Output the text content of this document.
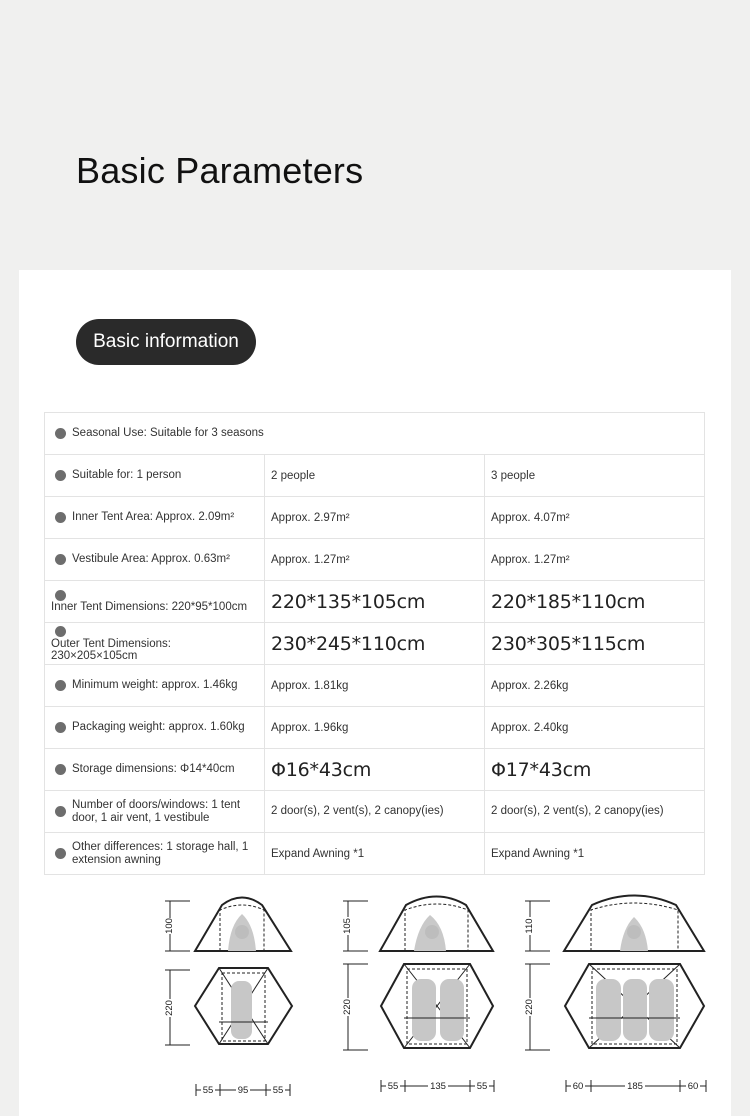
Basic Parameters
Basic information
Seasonal Use: Suitable for 3 seasons		
Suitable for: 1 person	2 people	3 people
Inner Tent Area: Approx. 2.09m²	Approx. 2.97m²	Approx. 4.07m²
Vestibule Area: Approx. 0.63m²	Approx. 1.27m²	Approx. 1.27m²
Inner Tent Dimensions: 220*95*100cm	220*135*105cm	220*185*110cm
Outer Tent Dimensions: 230×205×105cm	230*245*110cm	230*305*115cm
Minimum weight: approx. 1.46kg	Approx. 1.81kg	Approx. 2.26kg
Packaging weight: approx. 1.60kg	Approx. 1.96kg	Approx. 2.40kg
Storage dimensions: Φ14*40cm	Φ16*43cm	Φ17*43cm

Number of doors/windows: 1 tent door, 1 air vent, 1 vestibule	2 door(s), 2 vent(s), 2 canopy(ies)	2 door(s), 2 vent(s), 2 canopy(ies)

Other differences: 1 storage hall, 1 extension awning	Expand Awning *1	Expand Awning *1
100
220
55	95	55
105
220
55	135	55
110
220
60	185	60
